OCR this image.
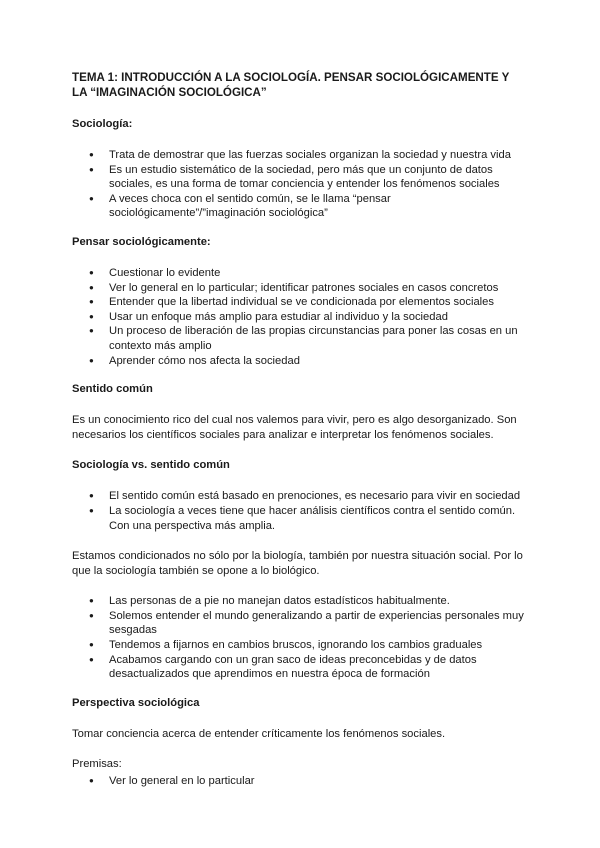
TEMA 1: INTRODUCCIÓN A LA SOCIOLOGÍA. PENSAR SOCIOLÓGICAMENTE Y LA “IMAGINACIÓN SOCIOLÓGICA”
Sociología:
● Trata de demostrar que las fuerzas sociales organizan la sociedad y nuestra vida
● Es un estudio sistemático de la sociedad, pero más que un conjunto de datos sociales, es una forma de tomar conciencia y entender los fenómenos sociales
● A veces choca con el sentido común, se le llama “pensar sociológicamente”/”imaginación sociológica”
Pensar sociológicamente:
● Cuestionar lo evidente
● Ver lo general en lo particular; identificar patrones sociales en casos concretos
● Entender que la libertad individual se ve condicionada por elementos sociales
● Usar un enfoque más amplio para estudiar al individuo y la sociedad
● Un proceso de liberación de las propias circunstancias para poner las cosas en un contexto más amplio
● Aprender cómo nos afecta la sociedad
Sentido común

Es un conocimiento rico del cual nos valemos para vivir, pero es algo desorganizado. Son necesarios los científicos sociales para analizar e interpretar los fenómenos sociales.

Sociología vs. sentido común
● El sentido común está basado en prenociones, es necesario para vivir en sociedad
● La sociología a veces tiene que hacer análisis científicos contra el sentido común. Con una perspectiva más amplia.

Estamos condicionados no sólo por la biología, también por nuestra situación social. Por lo que la sociología también se opone a lo biológico.

● Las personas de a pie no manejan datos estadísticos habitualmente.
● Solemos entender el mundo generalizando a partir de experiencias personales muy sesgadas
● Tendemos a fijarnos en cambios bruscos, ignorando los cambios graduales
● Acabamos cargando con un gran saco de ideas preconcebidas y de datos desactualizados que aprendimos en nuestra época de formación
Perspectiva sociológica

Tomar conciencia acerca de entender críticamente los fenómenos sociales.

Premisas:

● Ver lo general en lo particular
